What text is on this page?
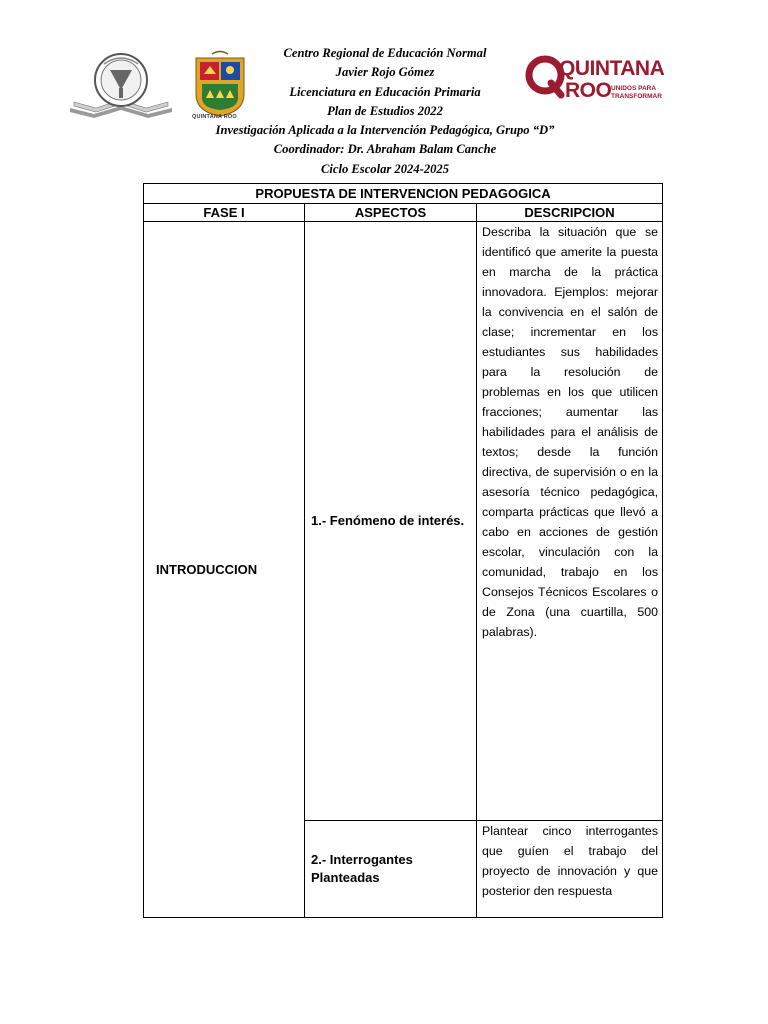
QUINTANA ROO
QUINTANA
ROO UNIDOS PARA
TRANSFORMAR
Centro Regional de Educación Normal
Javier Rojo Gómez
Licenciatura en Educación Primaria
Plan de Estudios 2022
Investigación Aplicada a la Intervención Pedagógica, Grupo “D”
Coordinador: Dr. Abraham Balam Canche
Ciclo Escolar 2024-2025
PROPUESTA DE INTERVENCION PEDAGOGICA		
FASE I	ASPECTOS	DESCRIPCION
INTRODUCCION	1.- Fenómeno de interés.	Describa la situación que se identificó que amerite la puesta en marcha de la práctica innovadora. Ejemplos: mejorar la convivencia en el salón de clase; incrementar en los estudiantes sus habilidades para la resolución de problemas en los que utilicen fracciones; aumentar las habilidades para el análisis de textos; desde la función directiva, de supervisión o en la asesoría técnico pedagógica, comparta prácticas que llevó a cabo en acciones de gestión escolar, vinculación con la comunidad, trabajo en los Consejos Técnicos Escolares o de Zona (una cuartilla, 500 palabras).
	2.- Interrogantes Planteadas	Plantear cinco interrogantes que guíen el trabajo del proyecto de innovación y que posterior den respuesta
